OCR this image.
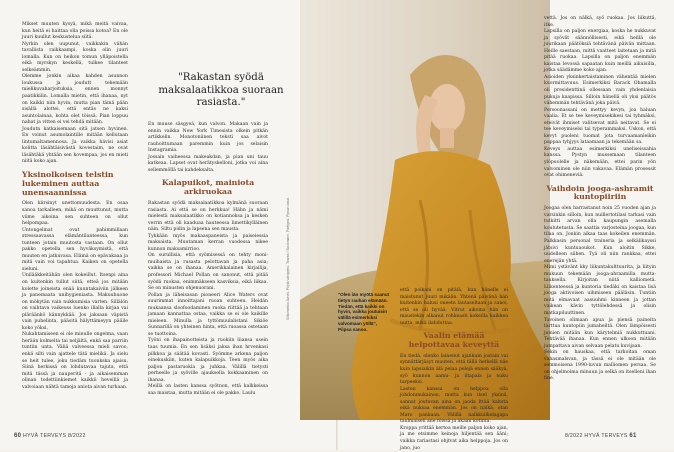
Silkkimekko Avnek. Pöytä vähippeto. Tearea / Stockmann. Parfyymi. Pipsan omat.	"Olen iän myötä saanut tietyn rauhan elämään. Tiedän, että kaikki on hyvin, vaikka joutuisin välillä esimerkiksi valvomaan yöllä", Piipsa sanoo.

Mikset muuten kysyä, mikä meitä vaivaa, kun heitä ei haittaa olla poissa kotoa? En ole juuri kuullut keskustelua siitä.

Nyrkin olen uupunut, vaikkakin vähän tavallista raikkaampi, koska olin juuri lomalla. Kun on heikon tomun ylläpoistella eikä myrskyn keskellä, tulkee tilanteet selkeämmin.

Olemme jonkin aikaa kahden asunnon loukussa ja joudutt tekemään mielikuvaharjoituksia, ennen monnyt paatikkilin. Lomalla mietin, että ihanaa, nyt on kaikki niin hyvin, mutta pian tämä pään sisällä alottei, että entäs ne kaksi asuntolainaa, kohta olet töissä. Pian loppuu nahat ja vitten ei vei tehdä mitään.

Joudutn katkaisemaan sitä jatsen hyvinen. En voinut asumolaintille mitään kellutaan lintumaltamennosa. Ja vaikka hävisi asiat kolitta läsähtäisivästä kovestaim, ne ovat läsähtäkä yhtään sen kovempaa, jos en mieti niitä koko ajan.

Yksinolkoisen telstin lukeminen auttaa unensaannissa

Olen kärsinyt unettomuudesta. En osaa sanoa tarkalleen, mikä on muuttunut, mutta viime aikoina sen suhteen on ollut helpompaa.

Untongelmat ovat pahimmillaan stressaavassa elämäntilanteessa, kun tunteen jotain muutosta vastaan. On ollut pakko opetella sen hyväksymistä, että muuten en jatkuvasa. Elämä on epävakaaa ja mitä vain voi tapahtua. Kaiken on opetella sieluni.

Unilääkkeitähän olen kokeillut. Itsenpi aina on kuitenkin tullut siitä, etteä jos mitään kolette joineista enää kuuntakaiviin jälkeen ja panemaata unihygieniasta. Makuuhuone on mökytän vain nukkumisia varten. Sillälön on vaihtava vaikeuss luenko illalla kirjaa vai pläräänkö kännykkää. Jos jaksaan väpistä vain puhelinta, pääsitä hälyttämeyyn pääile koko yöksi.

Nukahtamiseen ei ole minulle ongelma, vaan herään kolmelta tai neljältä, enkä saa parriin tuntiin unta. Väliä valveessa mieli savoo, enkä silti vain ajattele tätä mielikä. Ja sielu se heit tulee, joku tiedäm tuonkska ajaisu. Siinä herkissä on lohdutavaa tajuta, että mitä tässä ja nauperitä - ja aikaisemman olinan todettiinkiemet kaikkii heveillä ja valvoiaan nähtä tamoja aniota aivan turhaan.

"Rakastan syödä maksalaatikkoa suoraan rasiasta."

En muuse säsgyeä, kun valvon. Makaan vain ja ennin vaikka New York Timesista olkein pitkän artikkelin. Monotoniinen teksti saa aivot rauhoittumaan paremmin kuin jos selaisin Instagramia.

Jossain vaiheessa makeakdan, ja pian uni tauu katkeaa. Lapset ovat herätyskelloni, jotka voi aina sellemmöllä tai kahdeksalta.

Kalapuikot, mainiota arkiruokaa

Rakastan syödä maksalaatikkoa kylmänä suoraan rasiasta. Ai että se on herkkua! Hähn ja nämi mielestä maksalaatikko on kotiannoksa ja kesken verrin että oli kaaduaa hauteessa limettikylläinen näin. Siltu pidin ja lapsena sen mausta.

Tykkään myös makaaspaneista ja paiseiessia maksaista. Muutaman kerran vuodessa nikee kunnon maksamirrioo.

On surullisia, että syömisessä on tehty moni-muihaista ja rusasta pelottavan ja paha asia; vaikka se on ihanaa. Amerikkalainen kirjailija, professori Michael Pollan on sanonut, että pitää syödä ruokaa, enimmäkseen kasviksia, eikä liikaa. Se on minusten ohjenuorani.

Pollan ja läheisasan pioneeri Alice Waters ovat suurimmat innoittajani ruoan suhteen. Heidän mukaansa sloofoodaminen ruoka riittää ja tehtaan jamaan kannattaa ostaa, vaikka se ei ole kaikille mieleen. Minulla ja tyttömuulalistani Sikiöe Sunnarillä on yhteinen hinta, että ruoassa ostetaan se tuottoina.

Työni on ihapainotteista ja ruokiin liiansa usein taas tuumia. En sen lisäksi jaksa ihan hrvenkasi pilkkoa ja säätää kovasti. Syömme arkena paljon einekuskiin, kuten kalapuikkoja. Teen myös aika paljon pastaruokia ja juhkaa. Välillä tietysti perheelle ja syöville ajauksella kokkaaminen on ihanaa.

Meillä on lasten kanssa syötnon, että kalkkeissa saa maistaa, mutta mitään ei ole pakko. Laulu

että poikani on pitäiä, kun hänelle ei maistunut juuri mikään. Yhtenä päivänä hän kuitenkin halusi oneetn lautaseltaan ja sanoi, että se oli hyvää. Vitrut aikoina hän on maustekin alkanut rohkeasti kokeilla kaikkea uutta, mikä ilahduttaa.

Vaalin elämää helpottavaa keveyttä

En tiedä, olenko lainenut ajankuin jostain vai synnättärjäsyt muuten, että tällä hetkellä näe kuin lapsiaikin älä pelaa pelejä ennen sääkyä, syö kunnon aamu- ja iltapala ja nuku tarpeeksi.

Lasten kanssa on helppoa olla johdonmukainen, mutta kun itsel yksinä, sannat joutuvan aina on jaoda lttää kaltsta eikä nuksaa enemmän. Jos on nälkä, otan Maro pankaan. Välillä nalkkuilkelagapa taulmaiseli ane töissä ja akaan kotinta.

Kroppa yrittää kertoa meille paljon koko ajan, ja me etsimme keinoja hiljentää sen ääni; vaikka rariastasi ohjtvat aika helppoja. Jos on jano, juo

vettä. Jos on nälkä, syö ruokaa. Jos liikuttä, itke.

Lapsilla on paljon energiaa, koska he nukkuvat ja syövät säännöllisesti, eikä heillä ole juurikaan päätöksiä tehtävänä päivän mittaan. Heille saestaan, mittä vaatteet laitetaan ja mitä pitää ruokaa. Lapsilla on paljon enemmän kaistaa levossä sapaatan kuin meillä aikuisilla, jotka säädämme koko ajan.

Asioiden yksinkertaistaminen vähentää mielen kuormittavuus. Esimerkiksi Barack Obamalla oli presidenttinä ollessaan vain yhdenlaisia pukuja kaapissa. Silloin hänellä oli yksi päätös vähemmän tehtävänä joka päivä.

Persoonassani on mettyy kevyn, joa haluan vaalia. Et se tee keveymisekikesi tai tyhmäksi, eteivät ihmiset valitsevat mitä neitavat. Se ei tee keveymiselsi tai typerammaksi. Uskon, että kevyt puoleni tuomat jota turvaamanleikin pappaa tyhjyys lataamaan ja tekemään sa.

Keveys auttaa esimerkiksi uneliseissahia kanssa. Pystyn mussemaan tilanteen ylöpuolelle ja näkemään, ettei parin yön valvominen ole niin vakavaa. Elämän prosessit ovat ohimeneviä.

Vaihdoin jooga-ashramit kuntopiiriin

Joogaa olen harrastanut noin 25 vuoden ajan ja varsinkin silloin, kun nuillertotilasi tarkasi vain tutkitti arvan olla kaupungin asemalla koulutetusta. Se saattia varjosteina joogaa, kun tilaa on. Jonkin aikaa taas kokeilen enemmän. Palkkasin personal traineria ja selkälikayssi jätsivi kuntuaoukot. Kun aloitin Sikke, uudelleen siihen. Tyä oli niin rankkaa, ettei enerejän yhtä.

Mimi ystävänt kky liikuntakulttuurita, ja liityin mukuun tekemään jooga-ahraamilla mutta-tauksella. Kirjoitan niitä kalliometä. Liikenteessä ja kuntoria tiedäki on kaistaa lisä jooga aktivoisen uihmiseen pääläsin. Tuntiin mitä elmavaat aasuuhmi kinneen ja jottan vaikean kävin tyttölehdessä ja olisin matkapiluuttinen.

Tavoinen olimaan apua ja piensä paineita tarttua kuntopiin jumaheiltä. Olen lämpöisesti jumien mitään kun kärytelmiä nukkuttuani. Tehtävää ihanaa. Kun ennen ulkoon mitään jumpattava aivan selvaan pelatu kuvijaan.

Sekin on hauskaa, että tarkoitan oman vahasmalsvan, ja tässä ei ole mitään ole semmoisena 1990-luvun malliomen persaa. Se on ohjelmoima minuun ja selkä on itselleni ihan fine.

60 HYVÄ TERVEYS 8/2022	8/2022 HYVÄ TERVEYS 61
